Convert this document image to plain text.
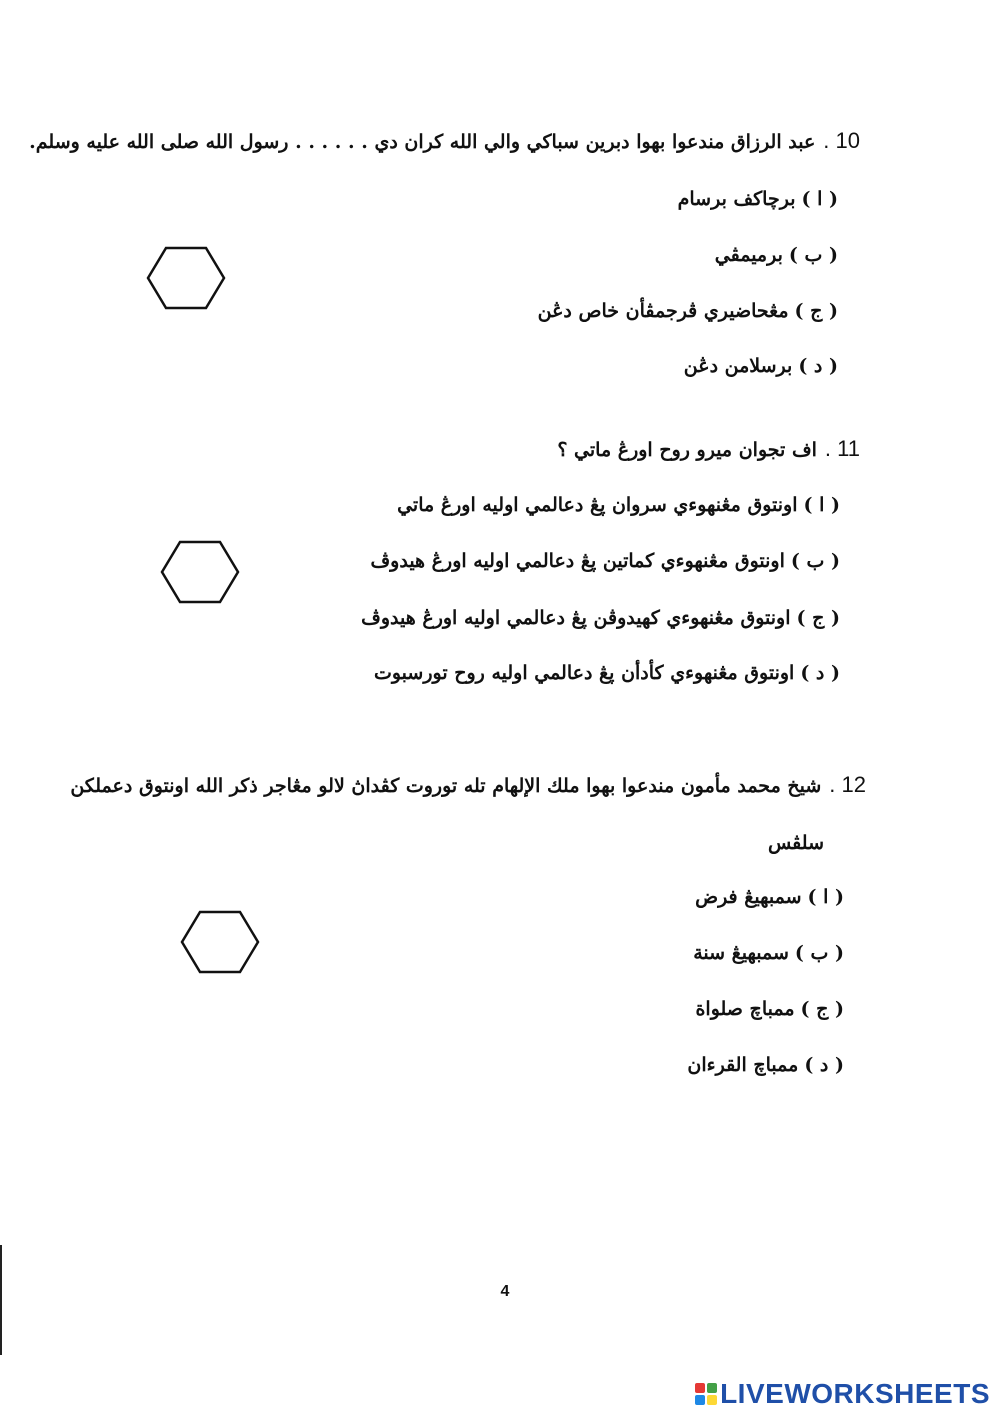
10 .عبد الرزاق مندعوا بهوا دبرين سباكي والي الله كران دي . . . . . . رسول الله صلى الله عليه وسلم.
( ا )برچاكف برسام
( ب )برميمڤي
( ج )مڠحاضيري ڤرجمڤأن خاص دڠن
( د )برسلامن دڠن
11 .اف تجوان ميرو روح اورڠ ماتي ؟
( ا )اونتوق مڠنهوءي سروان ڽڠ دعالمي اوليه اورڠ ماتي
( ب )اونتوق مڠنهوءي كماتين ڽڠ دعالمي اوليه اورڠ هيدوڤ
( ج )اونتوق مڠنهوءي كهيدوڤن ڽڠ دعالمي اوليه اورڠ هيدوڤ
( د )اونتوق مڠنهوءي كأدأن ڽڠ دعالمي اوليه روح تورسبوت
12 .شيخ محمد مأمون مندعوا بهوا ملك الإلهام تله توروت كڤداڽ لالو مڠاجر ذكر الله اونتوق دعملكن
سلڤس
( ا )سمبهيڠ فرض
( ب )سمبهيڠ سنة
( ج )ممباچ صلواة
( د )ممباچ القرءان
4
LIVEWORKSHEETS
